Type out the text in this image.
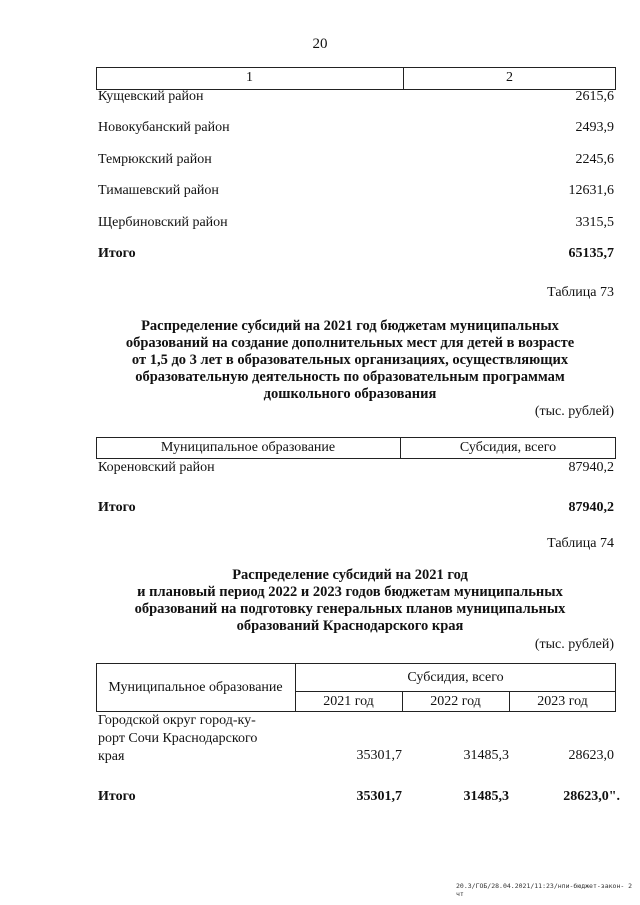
20
1	2
Кущевский район	2615,6
Новокубанский район	2493,9
Темрюкский район	2245,6
Тимашевский район	12631,6
Щербиновский район	3315,5
Итого	65135,7
Таблица 73
Распределение субсидий на 2021 год бюджетам муниципальных
образований на создание дополнительных мест для детей в возрасте
от 1,5 до 3 лет в образовательных организациях, осуществляющих
образовательную деятельность по образовательным программам
дошкольного образования
(тыс. рублей)
Муниципальное образование	Субсидия, всего
Кореновский район	87940,2
Итого	87940,2
Таблица 74
Распределение субсидий на 2021 год
и плановый период 2022 и 2023 годов бюджетам муниципальных
образований на подготовку генеральных планов муниципальных
образований Краснодарского края
(тыс. рублей)
Муниципальное образование
Субсидия, всего
2021 год	2022 год	2023 год
Городской округ город-ку-
рорт Сочи Краснодарского
края	35301,7	31485,3	28623,0
Итого	35301,7	31485,3	28623,0".
20.3/ГОБ/28.04.2021/11:23/нпи-бюджет-закон- 2 чт
